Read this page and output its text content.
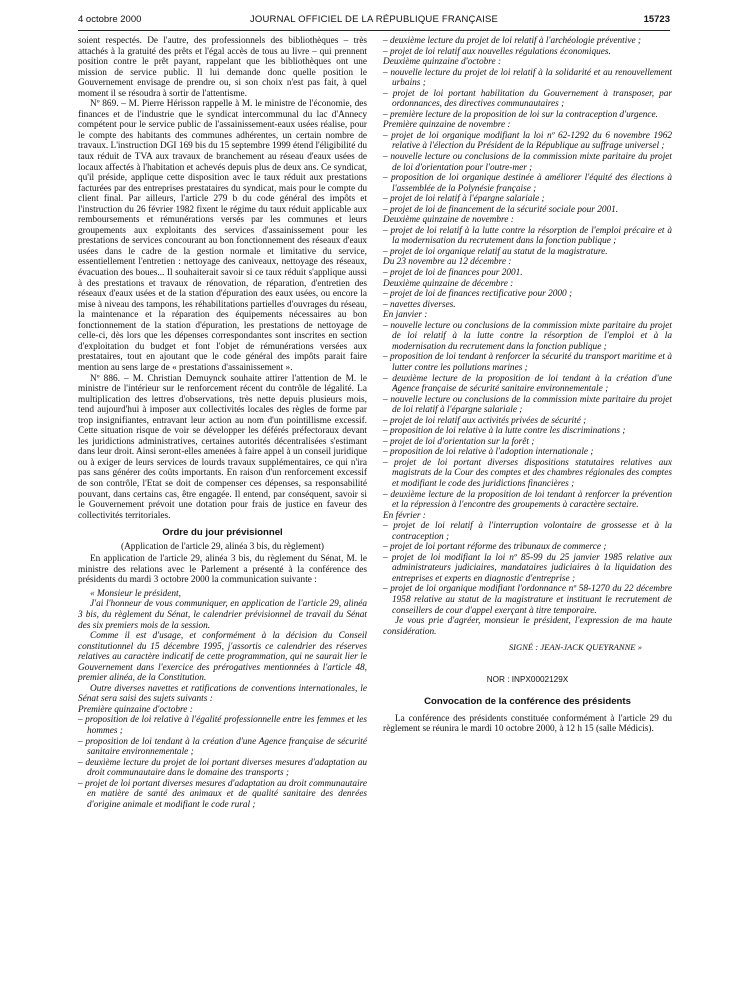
4 octobre 2000	JOURNAL OFFICIEL DE LA RÉPUBLIQUE FRANÇAISE	15723

soient respectés. De l'autre, des professionnels des bibliothèques – très attachés à la gratuité des prêts et l'égal accès de tous au livre – qui prennent position contre le prêt payant, rappelant que les bibliothèques ont une mission de service public. Il lui demande donc quelle position le Gouvernement envisage de prendre ou, si son choix n'est pas fait, à quel moment il se résoudra à sortir de l'attentisme.

Nº 869. – M. Pierre Hérisson rappelle à M. le ministre de l'économie, des finances et de l'industrie que le syndicat intercommunal du lac d'Annecy compétent pour le service public de l'assainissement-eaux usées réalise, pour le compte des habitants des communes adhérentes, un certain nombre de travaux. L'instruction DGI 169 bis du 15 septembre 1999 étend l'éligibilité du taux réduit de TVA aux travaux de branchement au réseau d'eaux usées de locaux affectés à l'habitation et achevés depuis plus de deux ans. Ce syndicat, qu'il préside, applique cette disposition avec le taux réduit aux prestations facturées par des entreprises prestataires du syndicat, mais pour le compte du client final. Par ailleurs, l'article 279 b du code général des impôts et l'instruction du 26 février 1982 fixent le régime du taux réduit applicable aux remboursements et rémunérations versés par les communes et leurs groupements aux exploitants des services d'assainissement pour les prestations de services concourant au bon fonctionnement des réseaux d'eaux usées dans le cadre de la gestion normale et limitative du service, essentiellement l'entretien : nettoyage des caniveaux, nettoyage des réseaux, évacuation des boues... Il souhaiterait savoir si ce taux réduit s'applique aussi à des prestations et travaux de rénovation, de réparation, d'entretien des réseaux d'eaux usées et de la station d'épuration des eaux usées, ou encore la mise à niveau des tampons, les réhabilitations partielles d'ouvrages du réseau, la maintenance et la réparation des équipements nécessaires au bon fonctionnement de la station d'épuration, les prestations de nettoyage de celle-ci, dès lors que les dépenses correspondantes sont inscrites en section d'exploitation du budget et font l'objet de rémunérations versées aux prestataires, tout en ajoutant que le code général des impôts parait faire mention au sens large de « prestations d'assainissement ».

Nº 886. – M. Christian Demuynck souhaite attirer l'attention de M. le ministre de l'intérieur sur le renforcement récent du contrôle de légalité. La multiplication des lettres d'observations, très nette depuis plusieurs mois, tend aujourd'hui à imposer aux collectivités locales des règles de forme par trop insignifiantes, entravant leur action au nom d'un pointillisme excessif. Cette situation risque de voir se développer les déférés préfectoraux devant les juridictions administratives, certaines autorités décentralisées s'estimant dans leur droit. Ainsi seront-elles amenées à faire appel à un conseil juridique ou à exiger de leurs services de lourds travaux supplémentaires, ce qui n'ira pas sans générer des coûts importants. En raison d'un renforcement excessif de son contrôle, l'Etat se doit de compenser ces dépenses, sa responsabilité pouvant, dans certains cas, être engagée. Il entend, par conséquent, savoir si le Gouvernement prévoit une dotation pour frais de justice en faveur des collectivités territoriales.

Ordre du jour prévisionnel

(Application de l'article 29, alinéa 3 bis, du règlement)

En application de l'article 29, alinéa 3 bis, du règlement du Sénat, M. le ministre des relations avec le Parlement a présenté à la conférence des présidents du mardi 3 octobre 2000 la communication suivante :

« Monsieur le président,

J'ai l'honneur de vous communiquer, en application de l'article 29, alinéa 3 bis, du règlement du Sénat, le calendrier prévisionnel de travail du Sénat des six premiers mois de la session.

Comme il est d'usage, et conformément à la décision du Conseil constitutionnel du 15 décembre 1995, j'assortis ce calendrier des réserves relatives au caractère indicatif de cette programmation, qui ne saurait lier le Gouvernement dans l'exercice des prérogatives mentionnées à l'article 48, premier alinéa, de la Constitution.

Outre diverses navettes et ratifications de conventions internationales, le Sénat sera saisi des sujets suivants :

Première quinzaine d'octobre :

– proposition de loi relative à l'égalité professionnelle entre les femmes et les hommes ;

– proposition de loi tendant à la création d'une Agence française de sécurité sanitaire environnementale ;

– deuxième lecture du projet de loi portant diverses mesures d'adaptation au droit communautaire dans le domaine des transports ;

– projet de loi portant diverses mesures d'adaptation au droit communautaire en matière de santé des animaux et de qualité sanitaire des denrées d'origine animale et modifiant le code rural ;

– deuxième lecture du projet de loi relatif à l'archéologie préventive ;

– projet de loi relatif aux nouvelles régulations économiques.

Deuxième quinzaine d'octobre :

– nouvelle lecture du projet de loi relatif à la solidarité et au renouvellement urbains ;

– projet de loi portant habilitation du Gouvernement à transposer, par ordonnances, des directives communautaires ;

– première lecture de la proposition de loi sur la contraception d'urgence.

Première quinzaine de novembre :

– projet de loi organique modifiant la loi nº 62-1292 du 6 novembre 1962 relative à l'élection du Président de la République au suffrage universel ;

– nouvelle lecture ou conclusions de la commission mixte paritaire du projet de loi d'orientation pour l'outre-mer ;

– proposition de loi organique destinée à améliorer l'équité des élections à l'assemblée de la Polynésie française ;

– projet de loi relatif à l'épargne salariale ;

– projet de loi de financement de la sécurité sociale pour 2001.

Deuxième quinzaine de novembre :

– projet de loi relatif à la lutte contre la résorption de l'emploi précaire et à la modernisation du recrutement dans la fonction publique ;

– projet de loi organique relatif au statut de la magistrature.

Du 23 novembre au 12 décembre :

– projet de loi de finances pour 2001.

Deuxième quinzaine de décembre :

– projet de loi de finances rectificative pour 2000 ;

– navettes diverses.

En janvier :

– nouvelle lecture ou conclusions de la commission mixte paritaire du projet de loi relatif à la lutte contre la résorption de l'emploi et à la modernisation du recrutement dans la fonction publique ;

– proposition de loi tendant à renforcer la sécurité du transport maritime et à lutter contre les pollutions marines ;

– deuxième lecture de la proposition de loi tendant à la création d'une Agence française de sécurité sanitaire environnementale ;

– nouvelle lecture ou conclusions de la commission mixte paritaire du projet de loi relatif à l'épargne salariale ;

– projet de loi relatif aux activités privées de sécurité ;

– proposition de loi relative à la lutte contre les discriminations ;

– projet de loi d'orientation sur la forêt ;

– proposition de loi relative à l'adoption internationale ;

– projet de loi portant diverses dispositions statutaires relatives aux magistrats de la Cour des comptes et des chambres régionales des comptes et modifiant le code des juridictions financières ;

– deuxième lecture de la proposition de loi tendant à renforcer la prévention et la répression à l'encontre des groupements à caractère sectaire.

En février :

– projet de loi relatif à l'interruption volontaire de grossesse et à la contraception ;

– projet de loi portant réforme des tribunaux de commerce ;

– projet de loi modifiant la loi nº 85-99 du 25 janvier 1985 relative aux administrateurs judiciaires, mandataires judiciaires à la liquidation des entreprises et experts en diagnostic d'entreprise ;

– projet de loi organique modifiant l'ordonnance nº 58-1270 du 22 décembre 1958 relative au statut de la magistrature et instituant le recrutement de conseillers de cour d'appel exerçant à titre temporaire.

Je vous prie d'agréer, monsieur le président, l'expression de ma haute considération.

SIGNÉ : JEAN-JACK QUEYRANNE »

NOR : INPX0002129X

Convocation de la conférence des présidents

La conférence des présidents constituée conformément à l'article 29 du règlement se réunira le mardi 10 octobre 2000, à 12 h 15 (salle Médicis).
